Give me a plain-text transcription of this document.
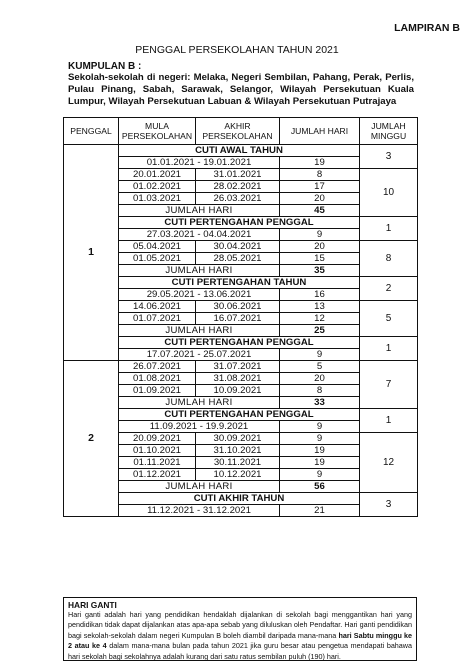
LAMPIRAN B
PENGGAL PERSEKOLAHAN TAHUN 2021
KUMPULAN B :
Sekolah-sekolah di negeri: Melaka, Negeri Sembilan, Pahang, Perak, Perlis, Pulau Pinang, Sabah, Sarawak, Selangor, Wilayah Persekutuan Kuala Lumpur, Wilayah Persekutuan Labuan & Wilayah Persekutuan Putrajaya
PENGGAL	MULA PERSEKOLAHAN	AKHIR PERSEKOLAHAN	JUMLAH HARI	JUMLAH MINGGU
1	CUTI AWAL TAHUN			3
	01.01.2021 - 19.01.2021		19	
	20.01.2021	31.01.2021	8	10
	01.02.2021	28.02.2021	17	
	01.03.2021	26.03.2021	20	
	JUMLAH HARI		45	
	CUTI PERTENGAHAN PENGGAL			1
	27.03.2021 - 04.04.2021		9	
	05.04.2021	30.04.2021	20	8
	01.05.2021	28.05.2021	15	
	JUMLAH HARI		35	
	CUTI PERTENGAHAN TAHUN			2
	29.05.2021 - 13.06.2021		16	
	14.06.2021	30.06.2021	13	5
	01.07.2021	16.07.2021	12	
	JUMLAH HARI		25	
	CUTI PERTENGAHAN PENGGAL			1
	17.07.2021 - 25.07.2021		9	
2	26.07.2021	31.07.2021	5	7
	01.08.2021	31.08.2021	20	
	01.09.2021	10.09.2021	8	
	JUMLAH HARI		33	
	CUTI PERTENGAHAN PENGGAL			1
	11.09.2021 - 19.9.2021		9	
	20.09.2021	30.09.2021	9	12
	01.10.2021	31.10.2021	19	
	01.11.2021	30.11.2021	19	
	01.12.2021	10.12.2021	9	
	JUMLAH HARI		56	
	CUTI AKHIR TAHUN			3
	11.12.2021 - 31.12.2021		21	
HARI GANTI

Hari ganti adalah hari yang pendidikan hendaklah dijalankan di sekolah bagi menggantikan hari yang pendidikan tidak dapat dijalankan atas apa-apa sebab yang diluluskan oleh Pendaftar. Hari ganti pendidikan bagi sekolah-sekolah dalam negeri Kumpulan B boleh diambil daripada mana-mana hari Sabtu minggu ke 2 atau ke 4 dalam mana-mana bulan pada tahun 2021 jika guru besar atau pengetua mendapati bahawa hari sekolah bagi sekolahnya adalah kurang dari satu ratus sembilan puluh (190) hari.
